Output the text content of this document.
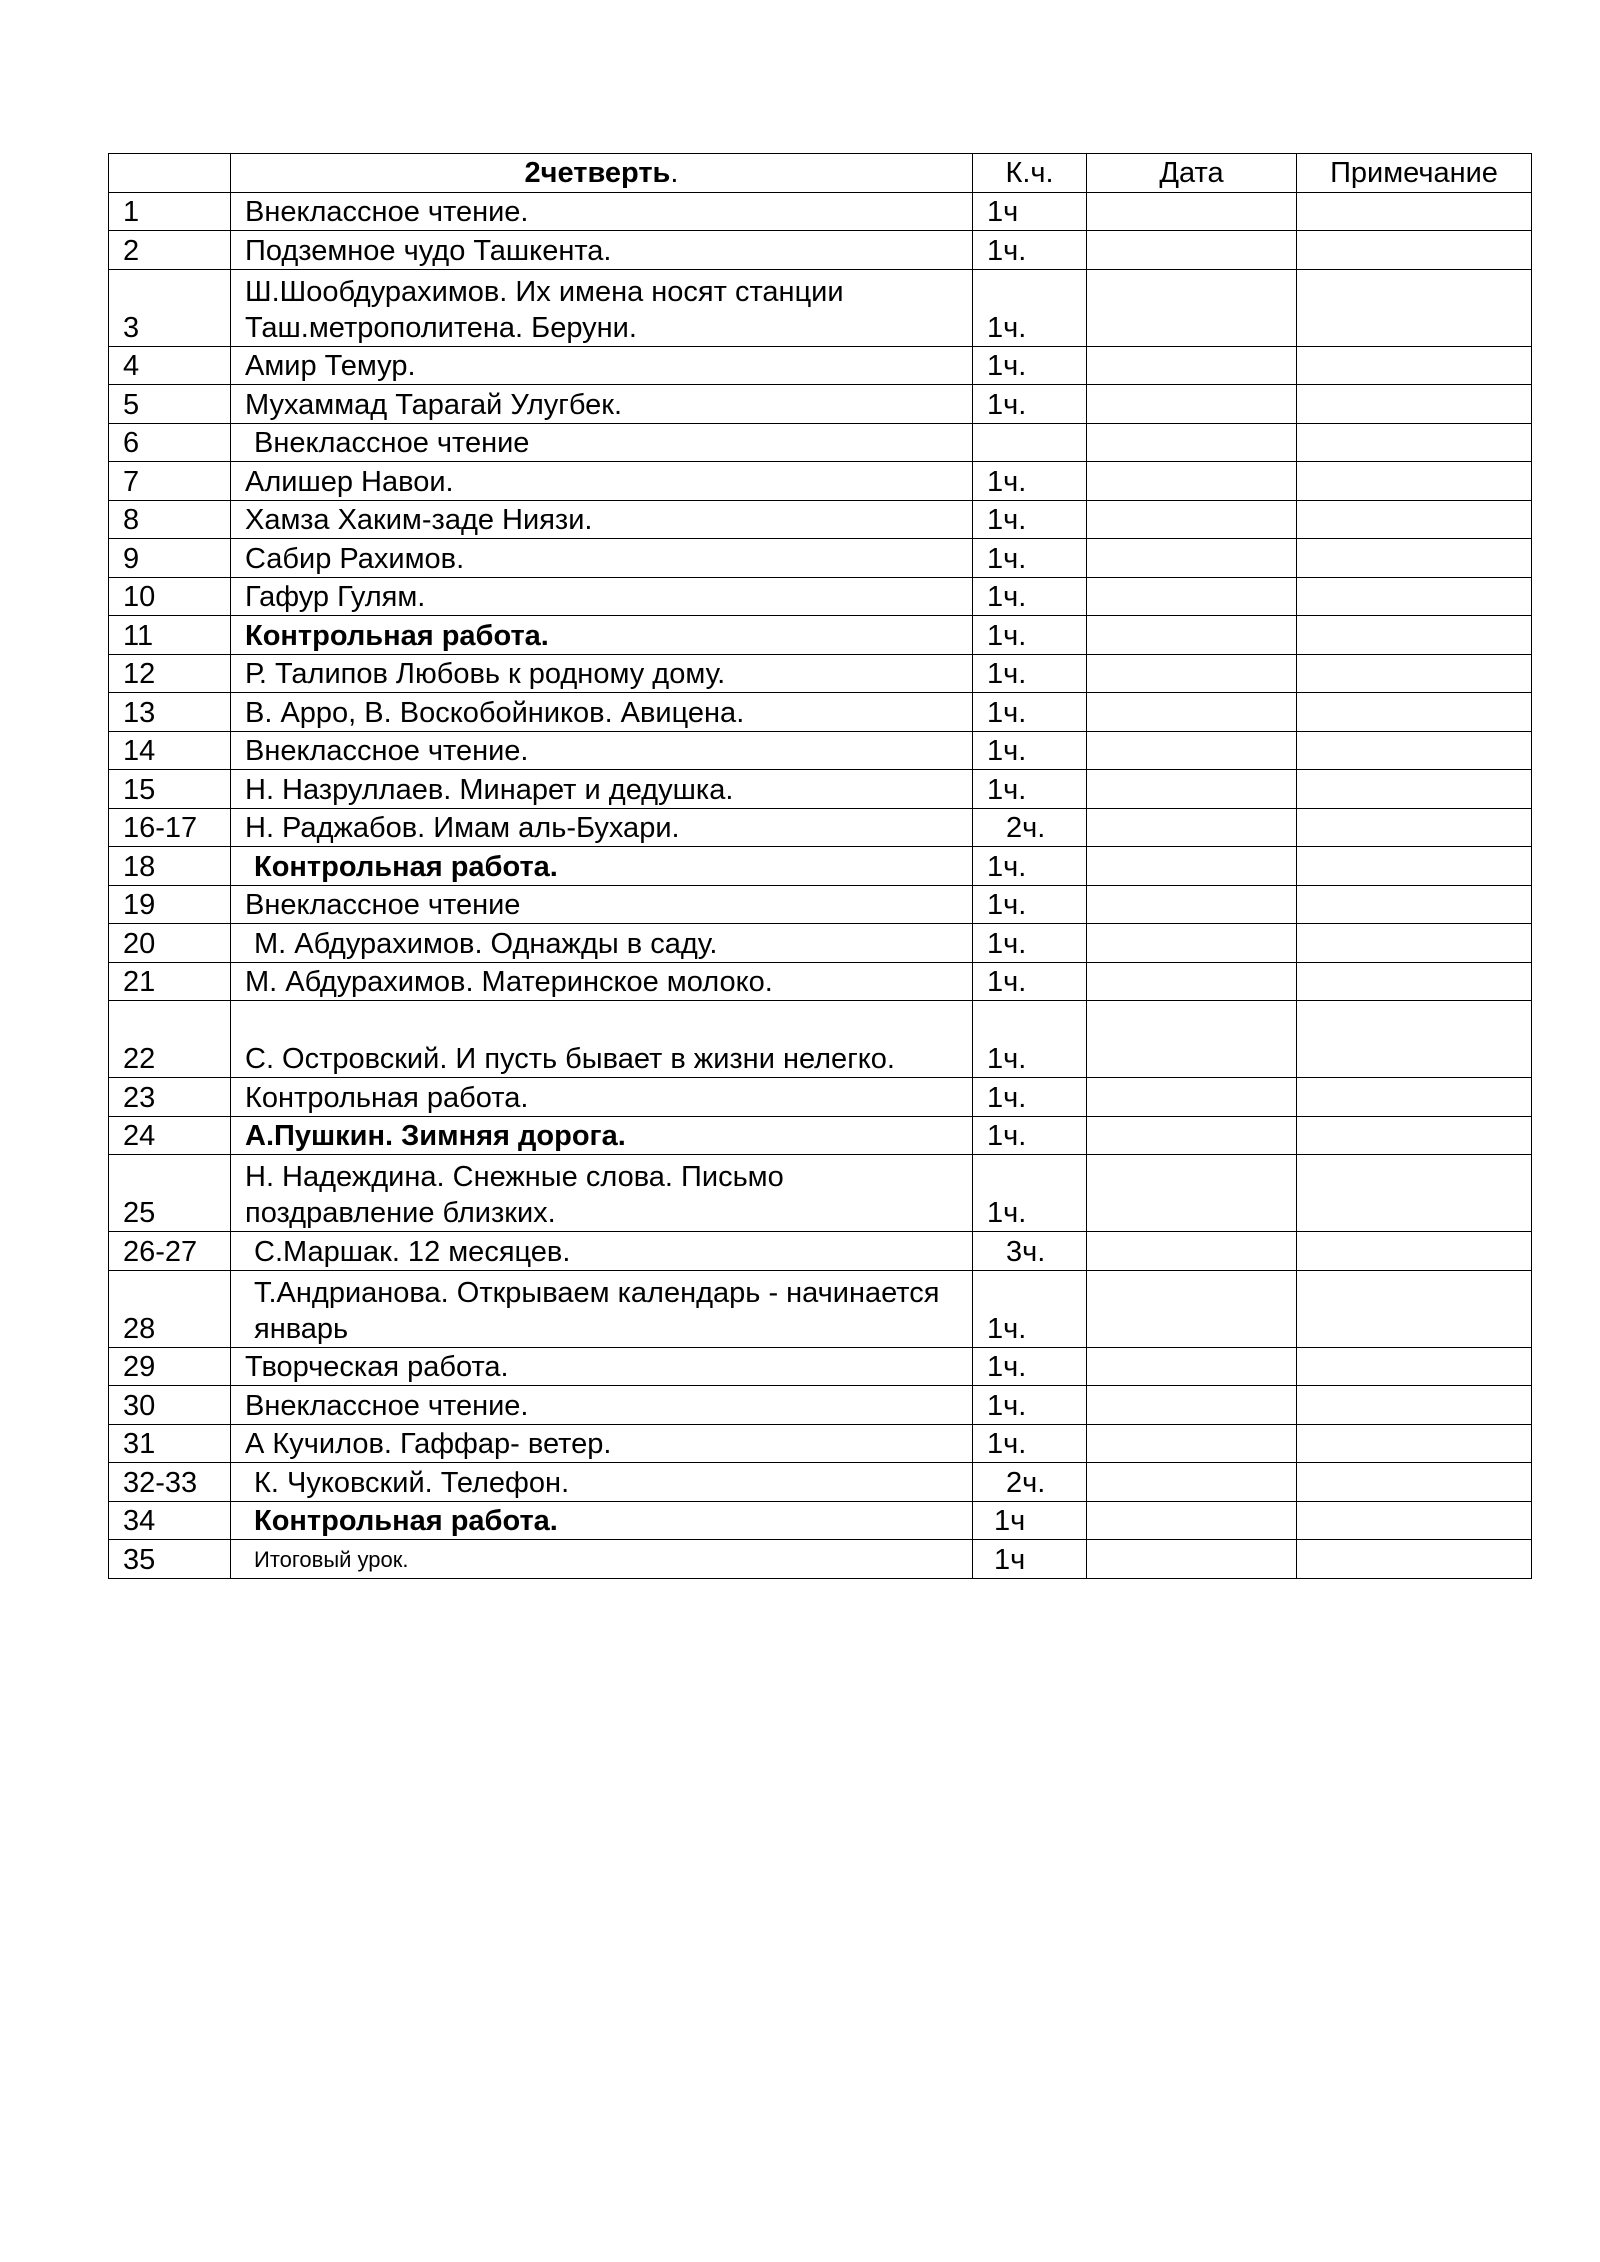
	2четверть.	К.ч.	Дата	Примечание
1	Внеклассное чтение.	1ч		
2	Подземное чудо Ташкента.	1ч.		
3	Ш.Шообдурахимов. Их имена носят станции Таш.метрополитена. Беруни.	1ч.		
4	Амир Темур.	1ч.		
5	Мухаммад Тарагай Улугбек.	1ч.		
6	Внеклассное чтение			
7	Алишер Навои.	1ч.		
8	Хамза Хаким-заде Ниязи.	1ч.		
9	Сабир Рахимов.	1ч.		
10	Гафур Гулям.	1ч.		
11	Контрольная работа.	1ч.		
12	Р. Талипов Любовь к родному дому.	1ч.		
13	В. Арро, В. Воскобойников. Авицена.	1ч.		
14	Внеклассное чтение.	1ч.		
15	Н. Назруллаев. Минарет и дедушка.	1ч.		
16-17	Н. Раджабов. Имам аль-Бухари.	2ч.		
18	Контрольная работа.	1ч.		
19	Внеклассное чтение	1ч.		
20	М. Абдурахимов. Однажды в саду.	1ч.		
21	М. Абдурахимов. Материнское молоко.	1ч.		
22	С. Островский. И пусть бывает в жизни нелегко.	1ч.		
23	Контрольная работа.	1ч.		
24	А.Пушкин. Зимняя дорога.	1ч.		
25	Н. Надеждина. Снежные слова. Письмо поздравление близких.	1ч.		
26-27	С.Маршак. 12 месяцев.	3ч.		
28	Т.Андрианова. Открываем календарь - начинается январь	1ч.		
29	Творческая работа.	1ч.		
30	Внеклассное чтение.	1ч.		
31	А Кучилов. Гаффар- ветер.	1ч.		
32-33	К. Чуковский. Телефон.	2ч.		
34	Контрольная работа.	1ч		
35	Итоговый урок.	1ч		
